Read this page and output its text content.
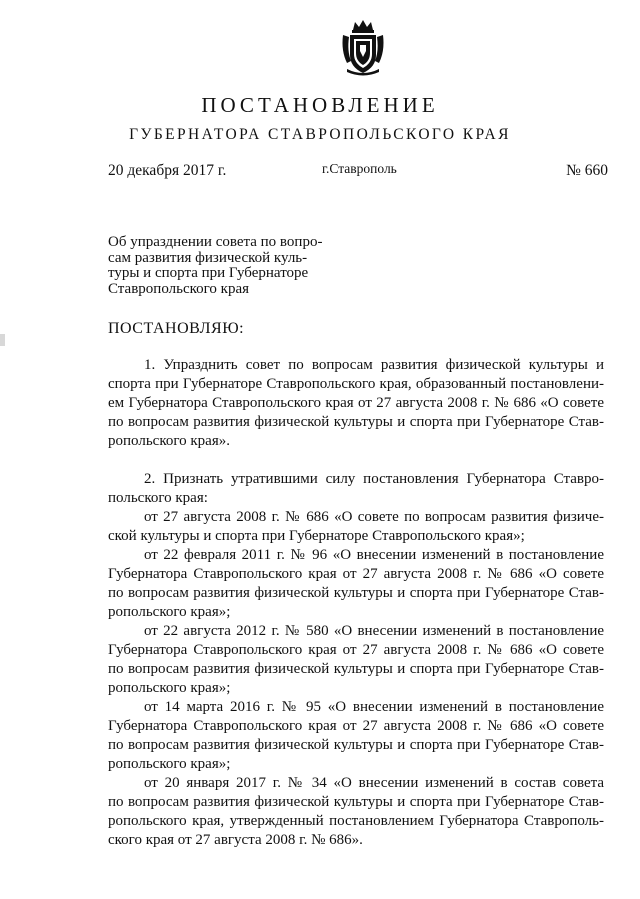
ПОСТАНОВЛЕНИЕ
ГУБЕРНАТОРА СТАВРОПОЛЬСКОГО КРАЯ
20 декабря 2017 г.	г.Ставрополь	№ 660
Об упразднении совета по вопро-
сам развития физической куль-
туры и спорта при Губернаторе
Ставропольского края
ПОСТАНОВЛЯЮ:
1. Упразднить совет по вопросам развития физической культуры и
спорта при Губернаторе Ставропольского края, образованный постановлени-
ем Губернатора Ставропольского края от 27 августа 2008 г. № 686 «О совете
по вопросам развития физической культуры и спорта при Губернаторе Став-
ропольского края».
2. Признать утратившими силу постановления Губернатора Ставро-
польского края:
от 27 августа 2008 г. № 686 «О совете по вопросам развития физиче-
ской культуры и спорта при Губернаторе Ставропольского края»;
от 22 февраля 2011 г. № 96 «О внесении изменений в постановление
Губернатора Ставропольского края от 27 августа 2008 г. № 686 «О совете
по вопросам развития физической культуры и спорта при Губернаторе Став-
ропольского края»;
от 22 августа 2012 г. № 580 «О внесении изменений в постановление
Губернатора Ставропольского края от 27 августа 2008 г. № 686 «О совете
по вопросам развития физической культуры и спорта при Губернаторе Став-
ропольского края»;
от 14 марта 2016 г. № 95 «О внесении изменений в постановление
Губернатора Ставропольского края от 27 августа 2008 г. № 686 «О совете
по вопросам развития физической культуры и спорта при Губернаторе Став-
ропольского края»;
от 20 января 2017 г. № 34 «О внесении изменений в состав совета
по вопросам развития физической культуры и спорта при Губернаторе Став-
ропольского края, утвержденный постановлением Губернатора Ставрополь-
ского края от 27 августа 2008 г. № 686».
